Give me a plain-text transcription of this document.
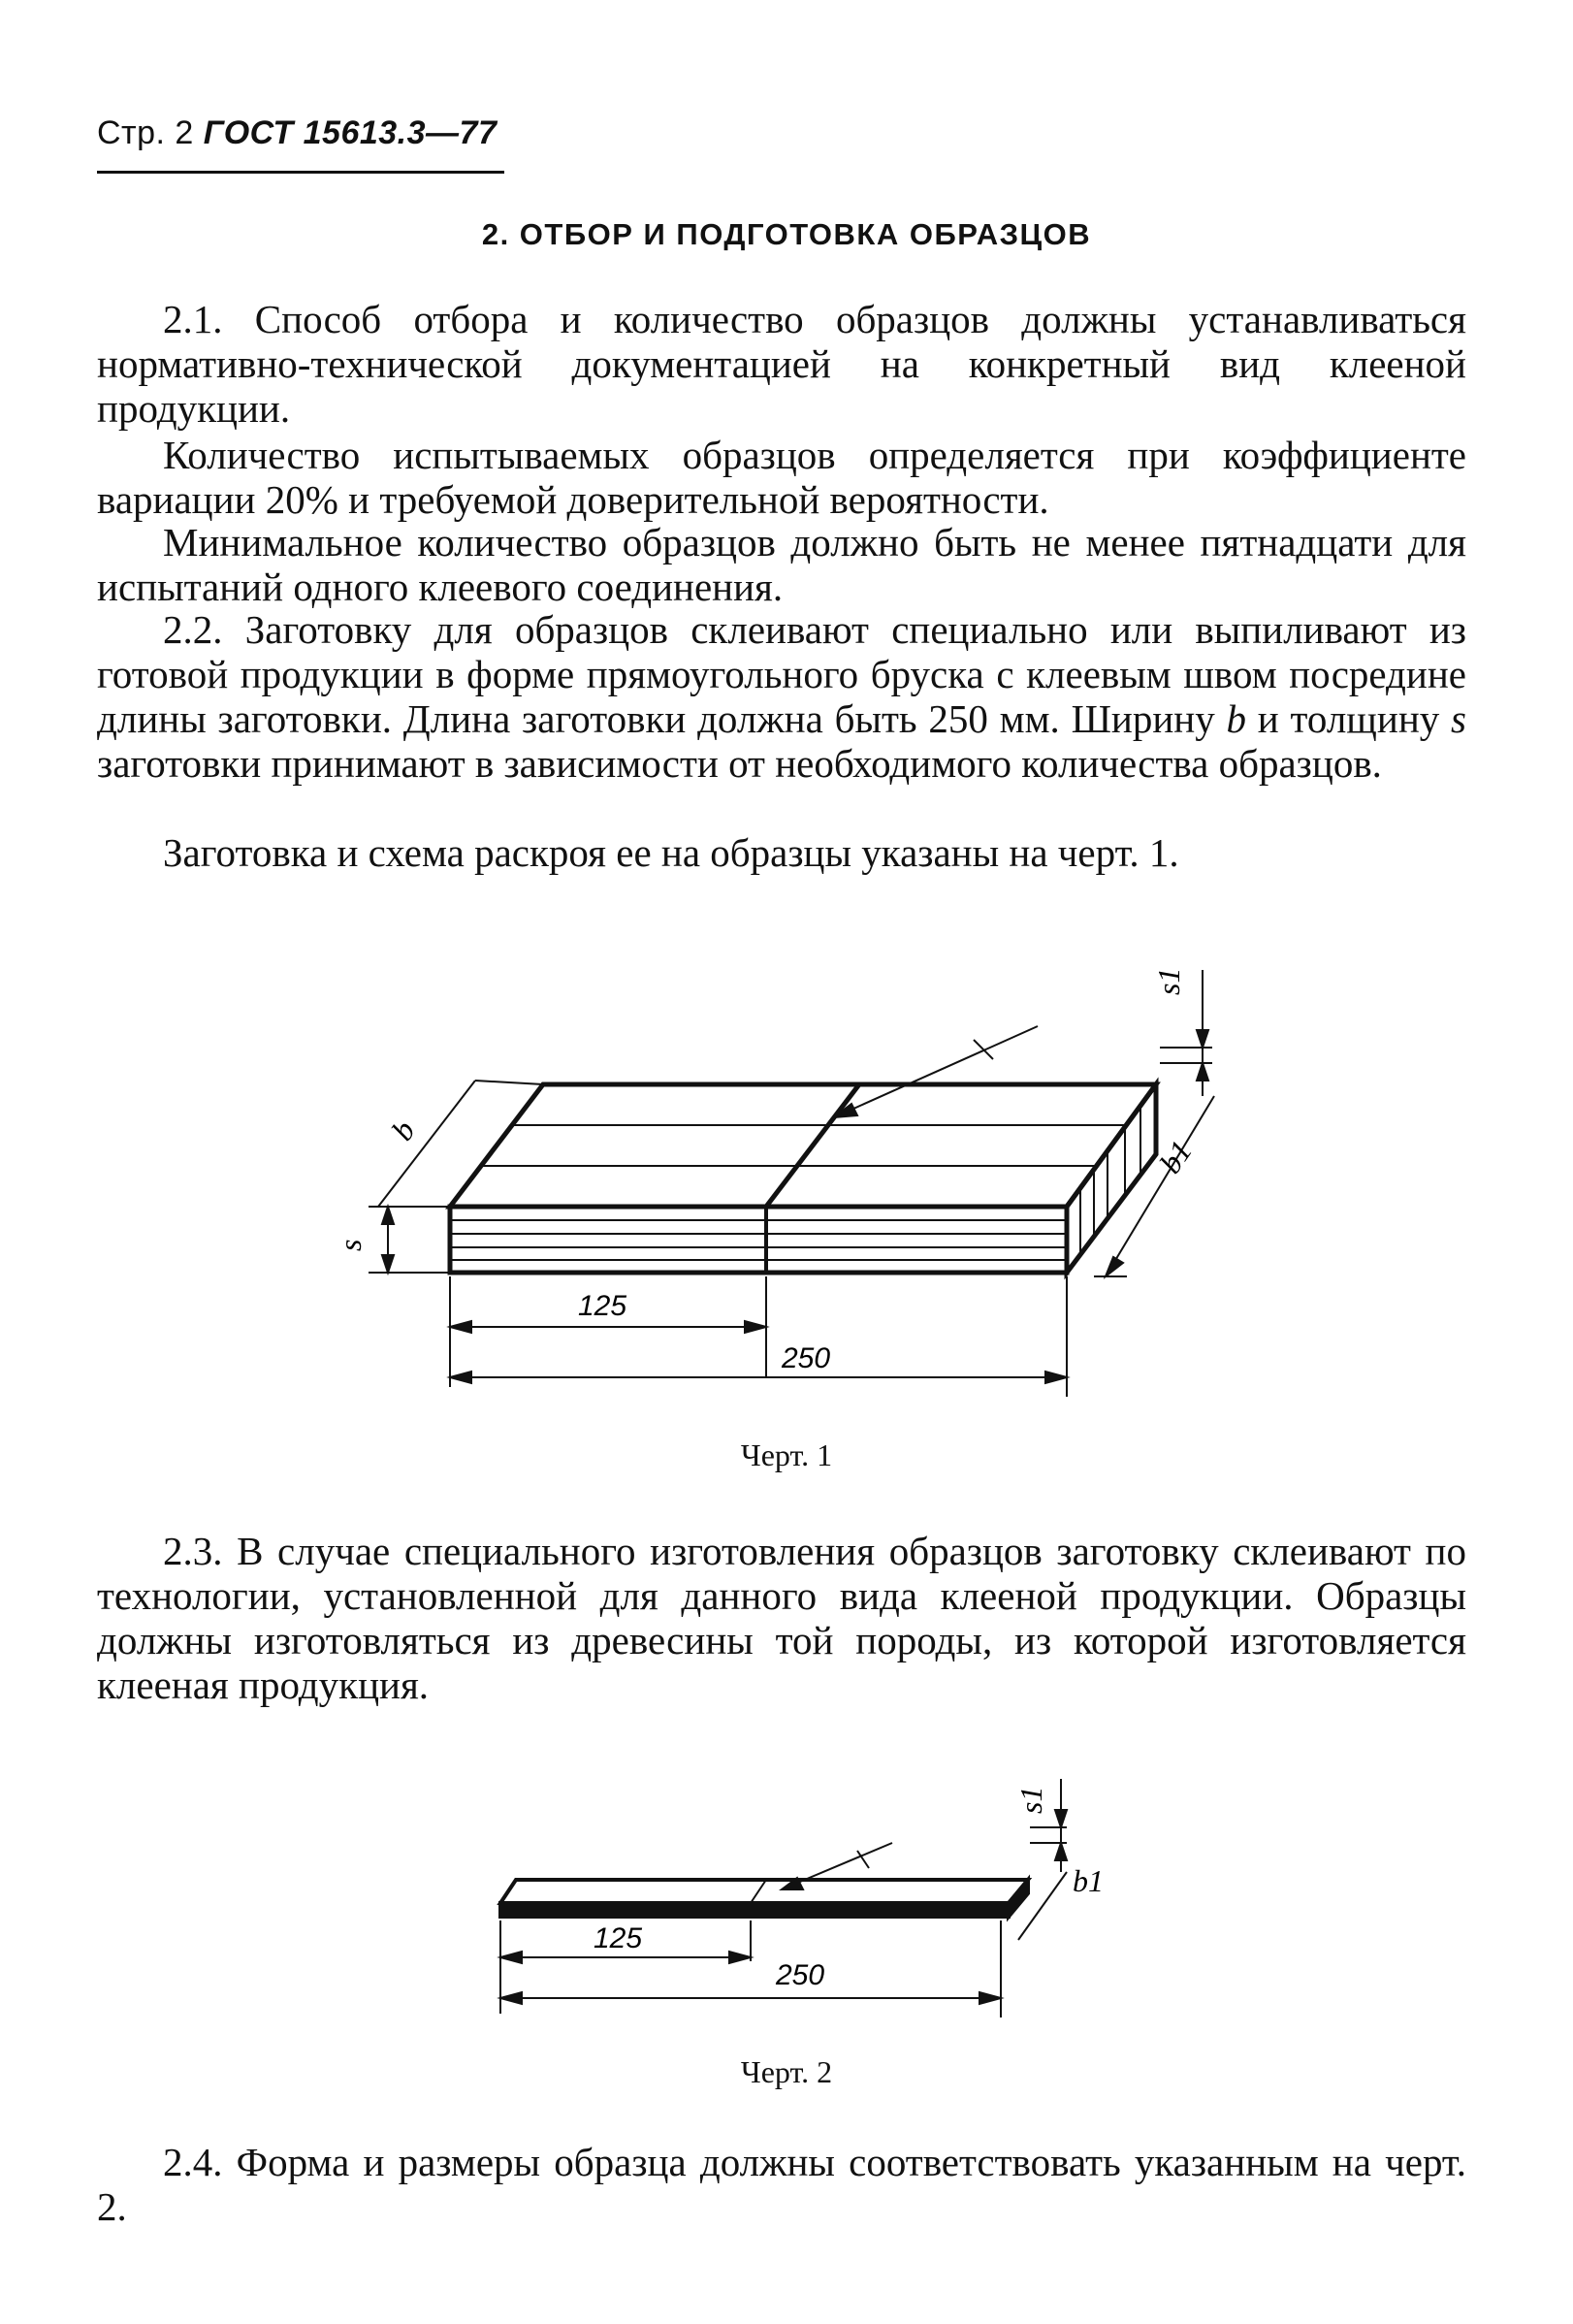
Стр. 2 ГОСТ 15613.3—77
2. ОТБОР И ПОДГОТОВКА ОБРАЗЦОВ
2.1. Способ отбора и количество образцов должны устанавливаться нормативно-технической документацией на конкретный вид клееной продукции.
Количество испытываемых образцов определяется при коэффициенте вариации 20% и требуемой доверительной вероятности.
Минимальное количество образцов должно быть не менее пятнадцати для испытаний одного клеевого соединения.
2.2. Заготовку для образцов склеивают специально или выпиливают из готовой продукции в форме прямоугольного бруска с клеевым швом посредине длины заготовки. Длина заготовки должна быть 250 мм. Ширину b и толщину s заготовки принимают в зависимости от необходимого количества образцов.
Заготовка и схема раскроя ее на образцы указаны на черт. 1.
s
b
s1
b1
125
250
Черт. 1
2.3. В случае специального изготовления образцов заготовку склеивают по технологии, установленной для данного вида клееной продукции. Образцы должны изготовляться из древесины той породы, из которой изготовляется клееная продукция.
s1
b1
125
250
Черт. 2
2.4. Форма и размеры образца должны соответствовать указанным на черт. 2.
